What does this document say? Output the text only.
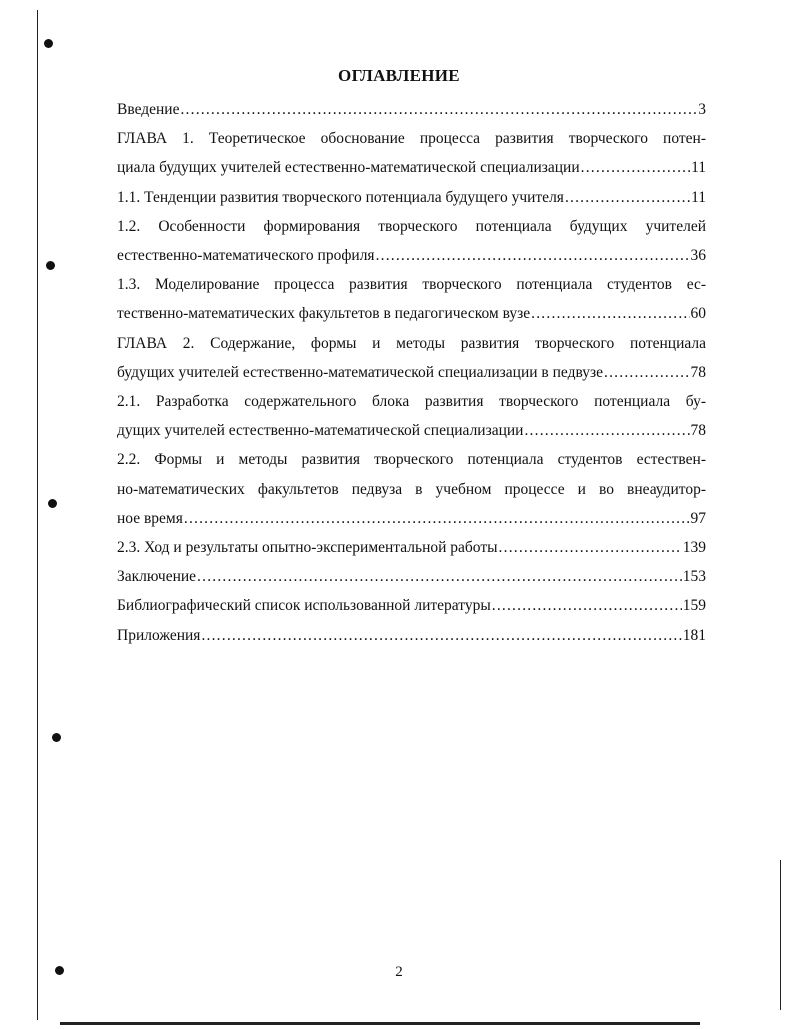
ОГЛАВЛЕНИЕ
Введение .....	3
ГЛАВА 1. Теоретическое обоснование процесса развития творческого потен-
циала будущих учителей естественно-математической специализации .....	11
1.1. Тенденции развития творческого потенциала будущего учителя .....	11
1.2. Особенности формирования творческого потенциала будущих учителей
естественно-математического профиля .....	36
1.3. Моделирование процесса развития творческого потенциала студентов ес-
тественно-математических факультетов в педагогическом вузе .....	60
ГЛАВА 2. Содержание, формы и методы развития творческого потенциала
будущих учителей естественно-математической специализации в педвузе .....	78
2.1. Разработка содержательного блока развития творческого потенциала бу-
дущих учителей естественно-математической специализации .....	78
2.2. Формы и методы развития творческого потенциала студентов естествен-
но-математических факультетов педвуза в учебном процессе и во внеаудитор-
ное время .....	97
2.3. Ход и результаты опытно-экспериментальной работы .....	139
Заключение .....	153
Библиографический список использованной литературы .....	159
Приложения .....	181
2
